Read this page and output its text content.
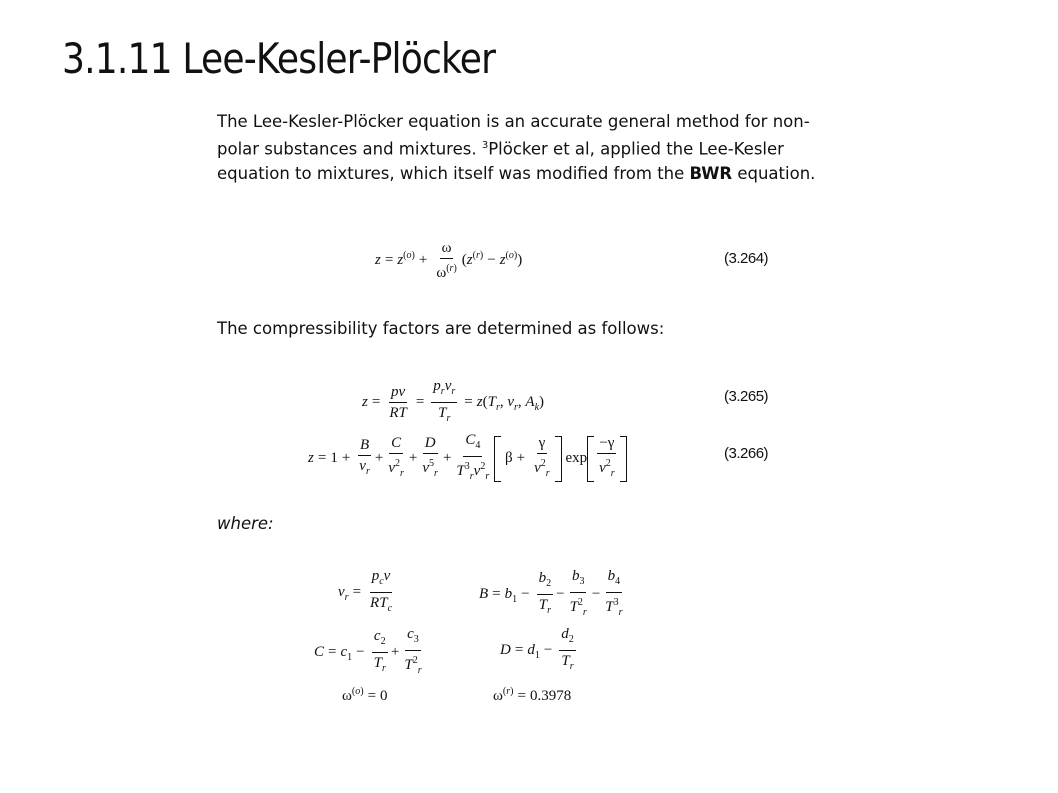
3.1.11 Lee-Kesler-Plöcker
The Lee-Kesler-Plöcker equation is an accurate general method for non-polar substances and mixtures. $^3$Plöcker et al, applied the Lee-Kesler equation to mixtures, which itself was modified from the BWR equation.
$z = z^{(o)} + \frac{\omega}{\omega^{(r)}} (z^{(r)} - z^{(o)})$	(3.264)
The compressibility factors are determined as follows:
$z = \frac{pv}{RT} = \frac{p_rv_r}{T_r} = z(T_r$, $v_r$, $A_k$)	(3.265)
$z = 1 + \frac{B}{v_r} + \frac{C}{v^2_r} + \frac{D}{v^5_r} + \frac{C_4}{T^3_rv^2_r}$ $\beta + \frac{\gamma}{v^2_r}$ $\exp \frac{-\gamma}{v^2_r}$	(3.266)
where:
$v_r = \frac{p_cv}{RT_c}$	$B = b_1 - \frac{b_2}{T_r} - \frac{b_3}{T^2_r} - \frac{b_4}{T^3_r}$
$C = c_1 - \frac{c_2}{T_r} + \frac{c_3}{T^2_r}$	$D = d_1 - \frac{d_2}{T_r}$
$\omega^{(o)} = 0$	$\omega^{(r)} = 0.3978$
